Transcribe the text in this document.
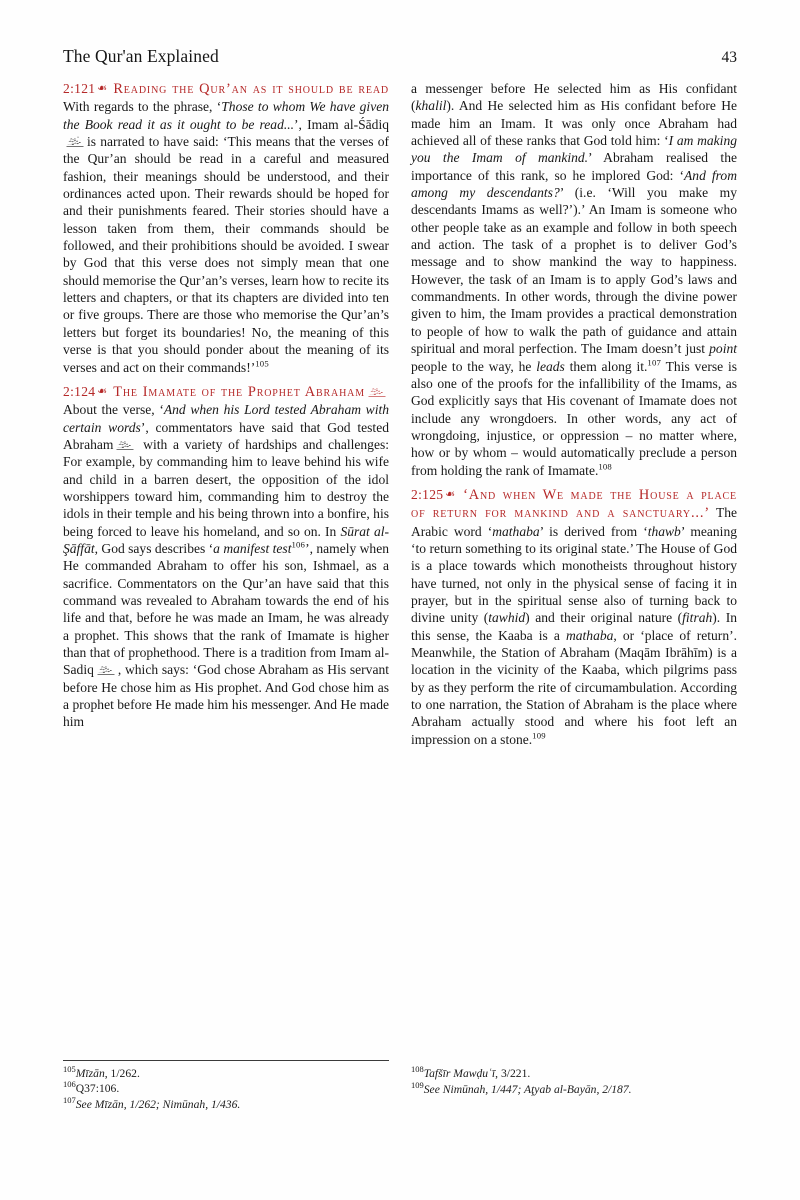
The Qur'an Explained	43

2:121 ❧ Reading the Qur’an as it should be read With regards to the phrase, ‘Those to whom We have given the Book read it as it ought to be read...’, Imam al-Śādiq
is narrated to have said: ‘This means that the verses of the Qur’an should be read in a careful and measured fashion, their meanings should be understood, and their ordinances acted upon. Their rewards should be hoped for and their punishments feared. Their stories should have a lesson taken from them, their commands should be followed, and their prohibitions should be avoided. I swear by God that this verse does not simply mean that one should memorise the Qur’an’s verses, learn how to recite its letters and chapters, or that its chapters are divided into ten or five groups. There are those who memorise the Qur’an’s letters but forget its boundaries! No, the meaning of this verse is that you should ponder about the meaning of its verses and act on their commands!’$^{105}$

2:124 ❧ The Imamate of the Prophet Abraham
About the verse, ‘And when his Lord tested Abraham with certain words’, commentators have said that God tested Abraham with a variety of hardships and challenges: For example, by commanding him to leave behind his wife and child in a barren desert, the opposition of the idol worshippers toward him, commanding him to destroy the idols in their temple and his being thrown into a bonfire, his being forced to leave his homeland, and so on. In Sūrat al-Şāffāt, God says describes ‘a manifest test$^{106}$’, namely when He commanded Abraham to offer his son, Ishmael, as a sacrifice. Commentators on the Qur’an have said that this command was revealed to Abraham towards the end of his life and that, before he was made an Imam, he was already a prophet. This shows that the rank of Imamate is higher than that of prophethood. There is a tradition from Imam al-Sadiq , which says: ‘God chose Abraham as His servant before He chose him as His prophet. And God chose him as a prophet before He made him his messenger. And He made him

a messenger before He selected him as His confidant (khalil). And He selected him as His confidant before He made him an Imam. It was only once Abraham had achieved all of these ranks that God told him: ‘I am making you the Imam of mankind.’ Abraham realised the importance of this rank, so he implored God: ‘And from among my descendants?’ (i.e. ‘Will you make my descendants Imams as well?’).’ An Imam is someone who other people take as an example and follow in both speech and action. The task of a prophet is to deliver God’s message and to show mankind the way to happiness. However, the task of an Imam is to apply God’s laws and commandments. In other words, through the divine power given to him, the Imam provides a practical demonstration to people of how to walk the path of guidance and attain spiritual and moral perfection. The Imam doesn’t just point people to the way, he leads them along it.$^{107}$ This verse is also one of the proofs for the infallibility of the Imams, as God explicitly says that His covenant of Imamate does not include any wrongdoers. In other words, any act of wrongdoing, injustice, or oppression – no matter where, how or by whom – would automatically preclude a person from holding the rank of Imamate.$^{108}$

2:125 ❧ ‘And when We made the House a place of return for mankind and a sanctuary...’ The Arabic word ‘mathaba’ is derived from ‘thawb’ meaning ‘to return something to its original state.’ The House of God is a place towards which monotheists throughout history have turned, not only in the physical sense of facing it in prayer, but in the spiritual sense also of turning back to divine unity (tawhid) and their original nature (fitrah). In this sense, the Kaaba is a mathaba, or ‘place of return’. Meanwhile, the Station of Abraham (Maqām Ibrāhīm) is a location in the vicinity of the Kaaba, which pilgrims pass by as they perform the rite of circumambulation. According to one narration, the Station of Abraham is the place where Abraham actually stood and where his foot left an impression on a stone.$^{109}$

$^{105}$Mīzān, 1/262.
$^{106}$Q37:106.
$^{107}$See Mīzān, 1/262; Nimūnah, 1/436.
$^{108}$Tafšīr Mawḍuʿī, 3/221.
$^{109}$See Nimūnah, 1/447; Aţyab al-Bayān, 2/187.
